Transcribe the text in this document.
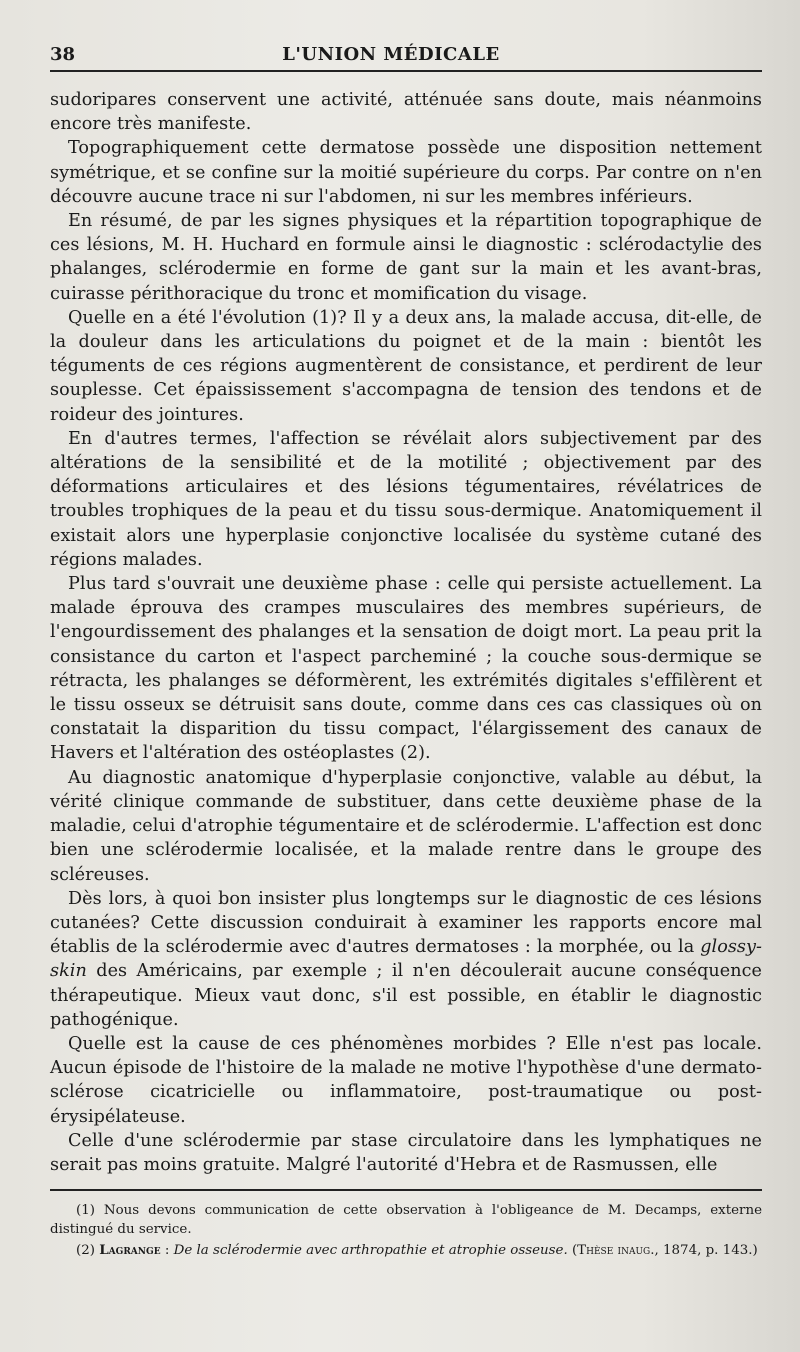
38	L'UNION MÉDICALE

sudoripares conservent une activité, atténuée sans doute, mais néanmoins encore très manifeste.

Topographiquement cette dermatose possède une disposition nettement symétrique, et se confine sur la moitié supérieure du corps. Par contre on n'en découvre aucune trace ni sur l'abdomen, ni sur les membres inférieurs.

En résumé, de par les signes physiques et la répartition topographique de ces lésions, M. H. Huchard en formule ainsi le diagnostic : sclérodactylie des phalanges, sclérodermie en forme de gant sur la main et les avant-bras, cuirasse périthoracique du tronc et momification du visage.

Quelle en a été l'évolution (1)? Il y a deux ans, la malade accusa, dit-elle, de la douleur dans les articulations du poignet et de la main : bientôt les téguments de ces régions augmentèrent de consistance, et perdirent de leur souplesse. Cet épaississement s'accompagna de tension des tendons et de roideur des jointures.

En d'autres termes, l'affection se révélait alors subjectivement par des altérations de la sensibilité et de la motilité ; objectivement par des déformations articulaires et des lésions tégumentaires, révélatrices de troubles trophiques de la peau et du tissu sous-dermique. Anatomiquement il existait alors une hyperplasie conjonctive localisée du système cutané des régions malades.

Plus tard s'ouvrait une deuxième phase : celle qui persiste actuellement. La malade éprouva des crampes musculaires des membres supérieurs, de l'engourdissement des phalanges et la sensation de doigt mort. La peau prit la consistance du carton et l'aspect parcheminé ; la couche sous-dermique se rétracta, les phalanges se déformèrent, les extrémités digitales s'effilèrent et le tissu osseux se détruisit sans doute, comme dans ces cas classiques où on constatait la disparition du tissu compact, l'élargissement des canaux de Havers et l'altération des ostéoplastes (2).

Au diagnostic anatomique d'hyperplasie conjonctive, valable au début, la vérité clinique commande de substituer, dans cette deuxième phase de la maladie, celui d'atrophie tégumentaire et de sclérodermie. L'affection est donc bien une sclérodermie localisée, et la malade rentre dans le groupe des scléreuses.

Dès lors, à quoi bon insister plus longtemps sur le diagnostic de ces lésions cutanées? Cette discussion conduirait à examiner les rapports encore mal établis de la sclérodermie avec d'autres dermatoses : la morphée, ou la glossy-skin des Américains, par exemple ; il n'en découlerait aucune conséquence thérapeutique. Mieux vaut donc, s'il est possible, en établir le diagnostic pathogénique.

Quelle est la cause de ces phénomènes morbides ? Elle n'est pas locale. Aucun épisode de l'histoire de la malade ne motive l'hypothèse d'une dermato-sclérose cicatricielle ou inflammatoire, post-traumatique ou post-érysipélateuse.

Celle d'une sclérodermie par stase circulatoire dans les lymphatiques ne serait pas moins gratuite. Malgré l'autorité d'Hebra et de Rasmussen, elle

(1) Nous devons communication de cette observation à l'obligeance de M. Decamps, externe distingué du service.

(2) Lagrange : De la sclérodermie avec arthropathie et atrophie osseuse. (Thèse inaug., 1874, p. 143.)
